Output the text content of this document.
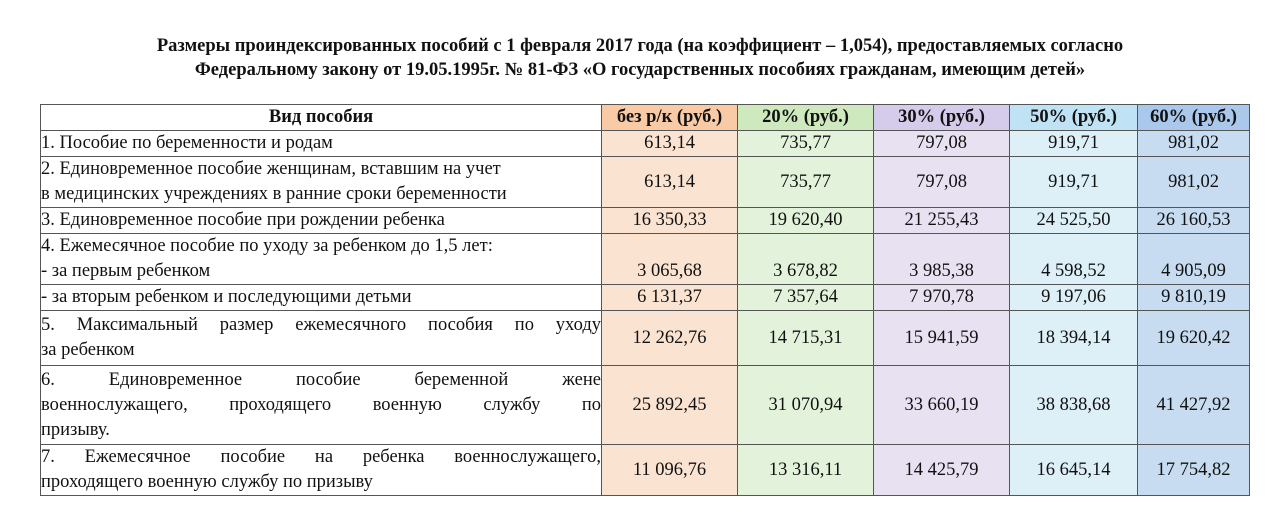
Размеры проиндексированных пособий с 1 февраля 2017 года (на коэффициент – 1,054), предоставляемых согласно
Федеральному закону от 19.05.1995г. № 81-ФЗ «О государственных пособиях гражданам, имеющим детей»
Вид пособия	без р/к (руб.)	20% (руб.)	30% (руб.)	50% (руб.)	60% (руб.)

1. Пособие по беременности и родам	613,14	735,77	797,08	919,71	981,02

2. Единовременное пособие женщинам, вставшим на учет
в медицинских учреждениях в ранние сроки беременности	613,14	735,77	797,08	919,71	981,02

3. Единовременное пособие при рождении ребенка	16 350,33	19 620,40	21 255,43	24 525,50	26 160,53

4. Ежемесячное пособие по уходу за ребенком до 1,5 лет:
- за первым ребенком	3 065,68	3 678,82	3 985,38	4 598,52	4 905,09

- за вторым ребенком и последующими детьми	6 131,37	7 357,64	7 970,78	9 197,06	9 810,19

5. Максимальный размер ежемесячного пособия по уходу
за ребенком	12 262,76	14 715,31	15 941,59	18 394,14	19 620,42

6. Единовременное пособие беременной жене
военнослужащего, проходящего военную службу по
призыву.	25 892,45	31 070,94	33 660,19	38 838,68	41 427,92

7. Ежемесячное пособие на ребенка военнослужащего,
проходящего военную службу по призыву	11 096,76	13 316,11	14 425,79	16 645,14	17 754,82
